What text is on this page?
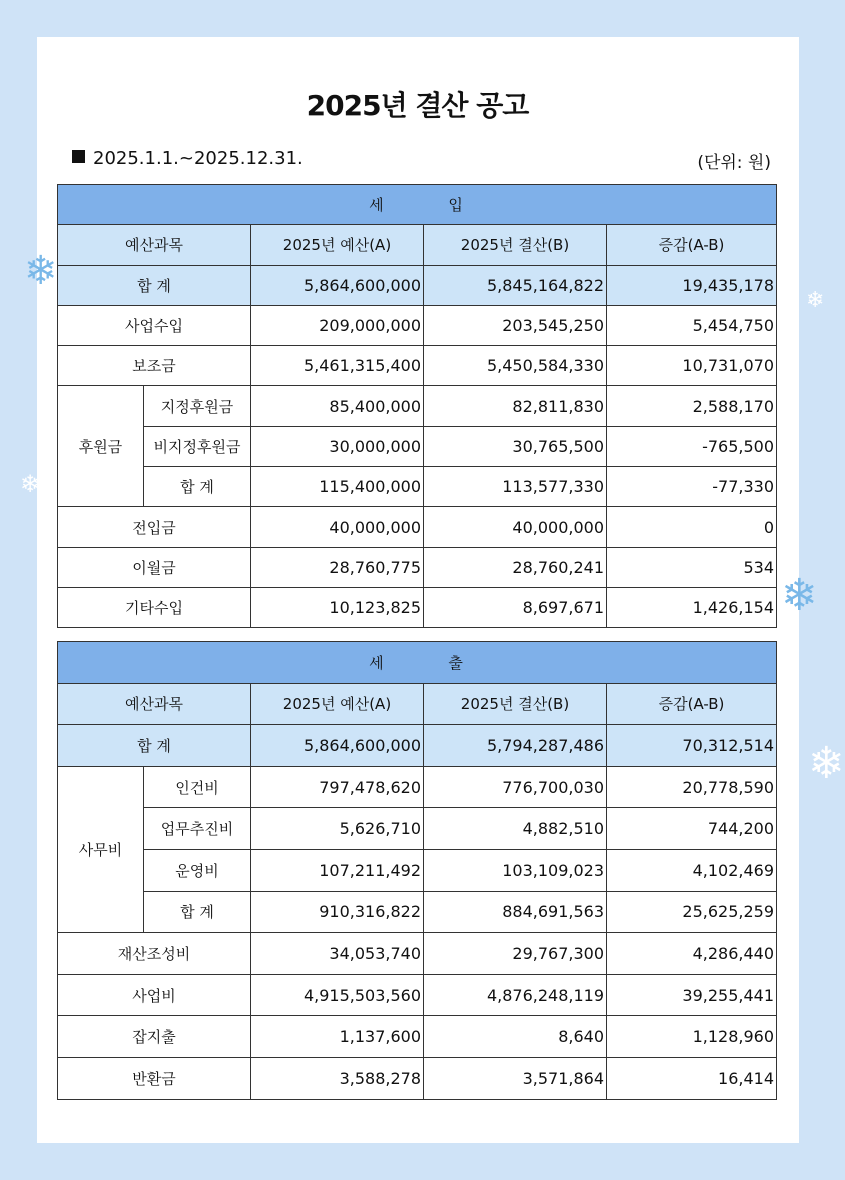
❄
❄
❄
❄
❄
2025년 결산 공고
2025.1.1.~2025.12.31.	(단위: 원)
세 입				
예산과목		2025년 예산(A)	2025년 결산(B)	증감(A-B)
합 계		5,864,600,000	5,845,164,822	19,435,178
사업수입		209,000,000	203,545,250	5,454,750
보조금		5,461,315,400	5,450,584,330	10,731,070
후원금	지정후원금	85,400,000	82,811,830	2,588,170
	비지정후원금	30,000,000	30,765,500	-765,500
	합 계	115,400,000	113,577,330	-77,330
전입금		40,000,000	40,000,000	0
이월금		28,760,775	28,760,241	534
기타수입		10,123,825	8,697,671	1,426,154
세 출				
예산과목		2025년 예산(A)	2025년 결산(B)	증감(A-B)
합 계		5,864,600,000	5,794,287,486	70,312,514
사무비	인건비	797,478,620	776,700,030	20,778,590
	업무추진비	5,626,710	4,882,510	744,200
	운영비	107,211,492	103,109,023	4,102,469
	합 계	910,316,822	884,691,563	25,625,259
재산조성비		34,053,740	29,767,300	4,286,440
사업비		4,915,503,560	4,876,248,119	39,255,441
잡지출		1,137,600	8,640	1,128,960
반환금		3,588,278	3,571,864	16,414
